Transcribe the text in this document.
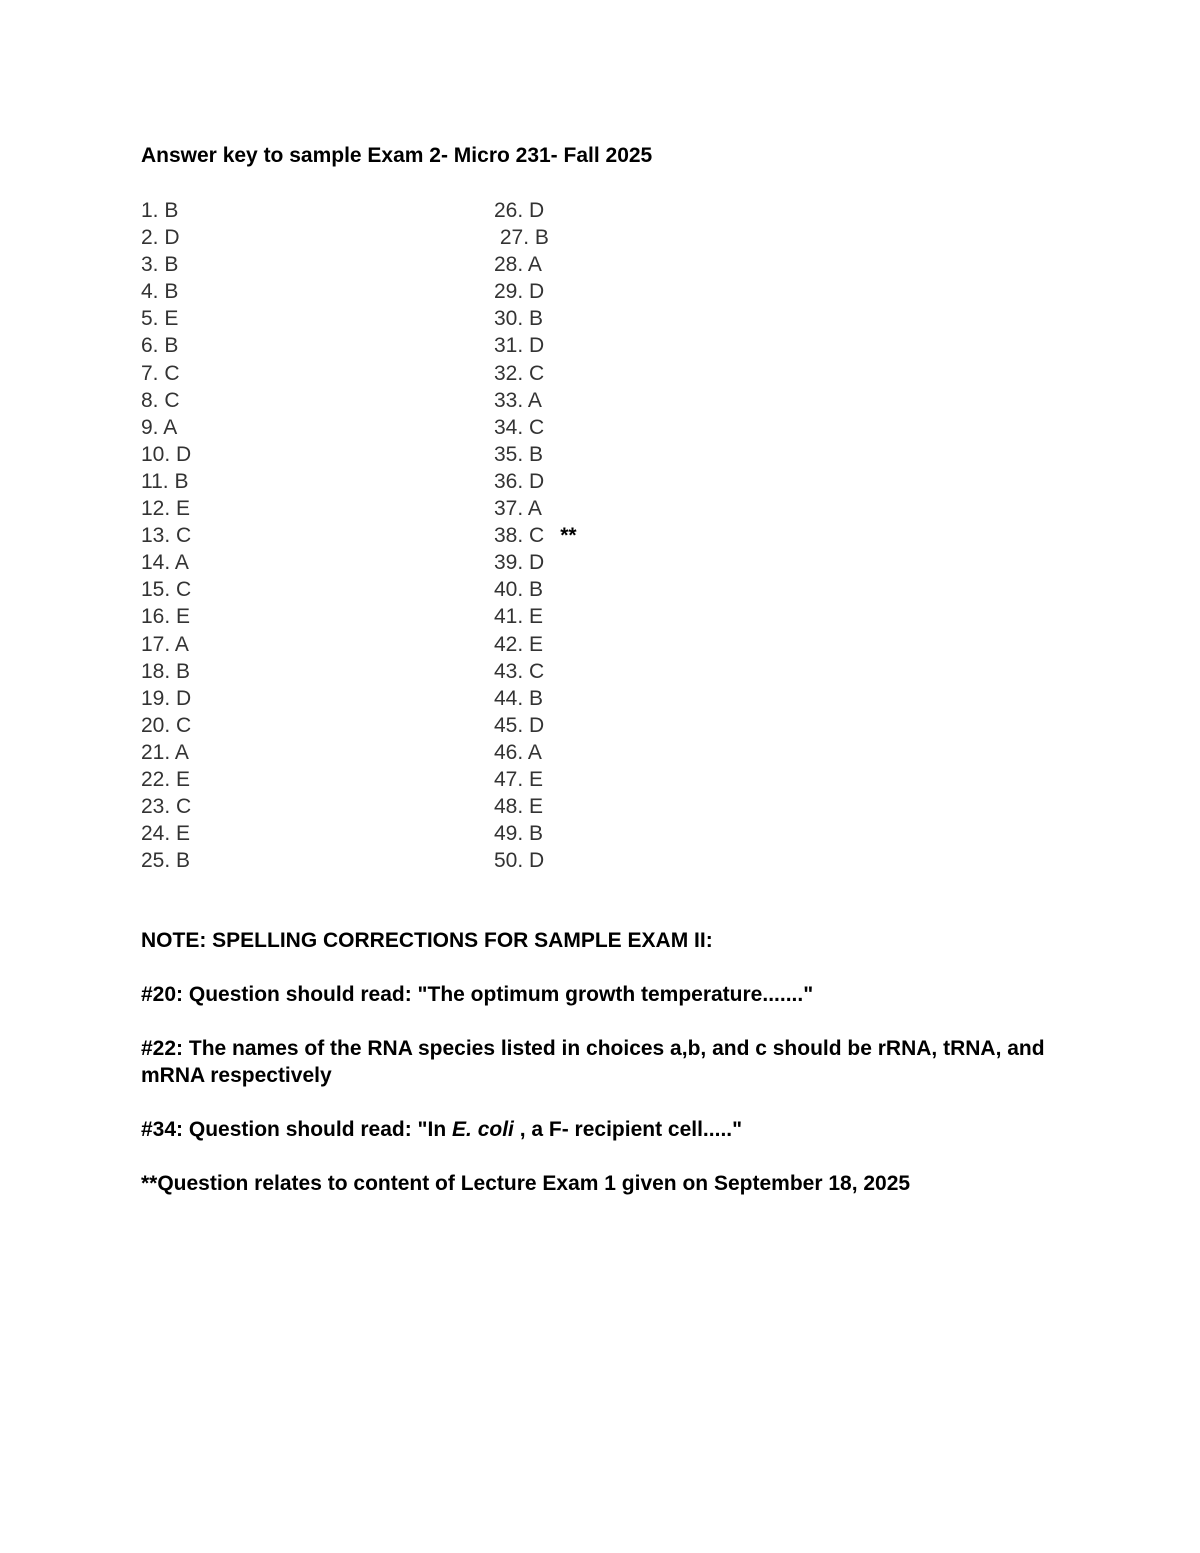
Answer key to sample Exam 2- Micro 231- Fall 2025
1. B
2. D
3. B
4. B
5. E
6. B
7. C
8. C
9. A
10. D
11. B
12. E
13. C
14. A
15. C
16. E
17. A
18. B
19. D
20. C
21. A
22. E
23. C
24. E
25. B
26. D
27. B
28. A
29. D
30. B
31. D
32. C
33. A
34. C
35. B
36. D
37. A
38. C **
39. D
40. B
41. E
42. E
43. C
44. B
45. D
46. A
47. E
48. E
49. B
50. D

NOTE: SPELLING CORRECTIONS FOR SAMPLE EXAM II:

#20: Question should read: "The optimum growth temperature......."

#22: The names of the RNA species listed in choices a,b, and c should be rRNA, tRNA, and mRNA respectively

#34: Question should read: "In E. coli , a F- recipient cell....."

**Question relates to content of Lecture Exam 1 given on September 18, 2025
